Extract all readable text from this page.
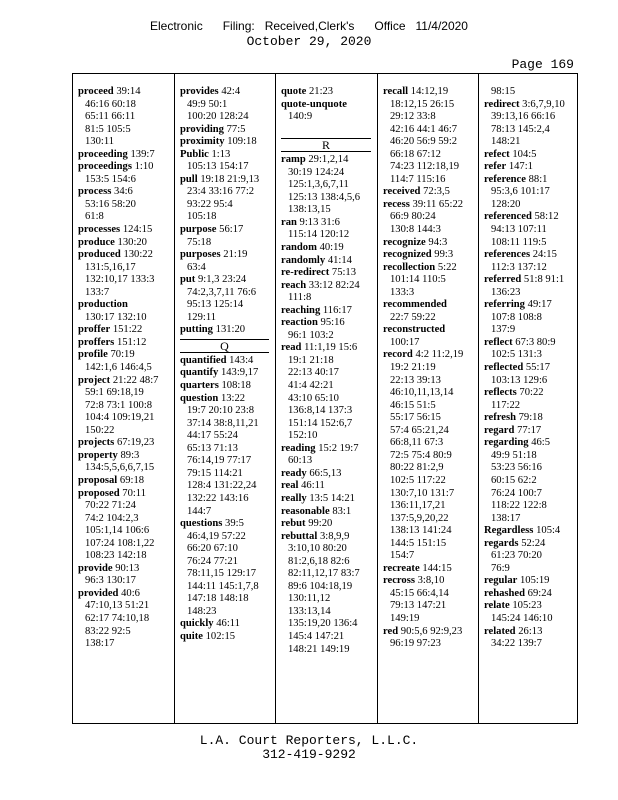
Electronic      Filing:   Received,Clerk's      Office   11/4/2020
October 29, 2020
Page 169
proceed 39:14
46:16 60:18
65:11 66:11
81:5 105:5
130:11
proceeding 139:7
proceedings 1:10
153:5 154:6
process 34:6
53:16 58:20
61:8
processes 124:15
produce 130:20
produced 130:22
131:5,16,17
132:10,17 133:3
133:7
production
130:17 132:10
proffer 151:22
proffers 151:12
profile 70:19
142:1,6 146:4,5
project 21:22 48:7
59:1 69:18,19
72:8 73:1 100:8
104:4 109:19,21
150:22
projects 67:19,23
property 89:3
134:5,5,6,6,7,15
proposal 69:18
proposed 70:11
70:22 71:24
74:2 104:2,3
105:1,14 106:6
107:24 108:1,22
108:23 142:18
provide 90:13
96:3 130:17
provided 40:6
47:10,13 51:21
62:17 74:10,18
83:22 92:5
138:17
provides 42:4
49:9 50:1
100:20 128:24
providing 77:5
proximity 109:18
Public 1:13
105:13 154:17
pull 19:18 21:9,13
23:4 33:16 77:2
93:22 95:4
105:18
purpose 56:17
75:18
purposes 21:19
63:4
put 9:1,3 23:24
74:2,3,7,11 76:6
95:13 125:14
129:11
putting 131:20
Q
quantified 143:4
quantify 143:9,17
quarters 108:18
question 13:22
19:7 20:10 23:8
37:14 38:8,11,21
44:17 55:24
65:13 71:13
76:14,19 77:17
79:15 114:21
128:4 131:22,24
132:22 143:16
144:7
questions 39:5
46:4,19 57:22
66:20 67:10
76:24 77:21
78:11,15 129:17
144:11 145:1,7,8
147:18 148:18
148:23
quickly 46:11
quite 102:15
quote 21:23
quote-unquote
140:9
R
ramp 29:1,2,14
30:19 124:24
125:1,3,6,7,11
125:13 138:4,5,6
138:13,15
ran 9:13 31:6
115:14 120:12
random 40:19
randomly 41:14
re-redirect 75:13
reach 33:12 82:24
111:8
reaching 116:17
reaction 95:16
96:1 103:2
read 11:1,19 15:6
19:1 21:18
22:13 40:17
41:4 42:21
43:10 65:10
136:8,14 137:3
151:14 152:6,7
152:10
reading 15:2 19:7
60:13
ready 66:5,13
real 46:11
really 13:5 14:21
reasonable 83:1
rebut 99:20
rebuttal 3:8,9,9
3:10,10 80:20
81:2,6,18 82:6
82:11,12,17 83:7
89:6 104:18,19
130:11,12
133:13,14
135:19,20 136:4
145:4 147:21
148:21 149:19
recall 14:12,19
18:12,15 26:15
29:12 33:8
42:16 44:1 46:7
46:20 56:9 59:2
66:18 67:12
74:23 112:18,19
114:7 115:16
received 72:3,5
recess 39:11 65:22
66:9 80:24
130:8 144:3
recognize 94:3
recognized 99:3
recollection 5:22
101:14 110:5
133:3
recommended
22:7 59:22
reconstructed
100:17
record 4:2 11:2,19
19:2 21:19
22:13 39:13
46:10,11,13,14
46:15 51:5
55:17 56:15
57:4 65:21,24
66:8,11 67:3
72:5 75:4 80:9
80:22 81:2,9
102:5 117:22
130:7,10 131:7
136:11,17,21
137:5,9,20,22
138:13 141:24
144:5 151:15
154:7
recreate 144:15
recross 3:8,10
45:15 66:4,14
79:13 147:21
149:19
red 90:5,6 92:9,23
96:19 97:23
98:15
redirect 3:6,7,9,10
39:13,16 66:16
78:13 145:2,4
148:21
refect 104:5
refer 147:1
reference 88:1
95:3,6 101:17
128:20
referenced 58:12
94:13 107:11
108:11 119:5
references 24:15
112:3 137:12
referred 51:8 91:1
136:23
referring 49:17
107:8 108:8
137:9
reflect 67:3 80:9
102:5 131:3
reflected 55:17
103:13 129:6
reflects 70:22
117:22
refresh 79:18
regard 77:17
regarding 46:5
49:9 51:18
53:23 56:16
60:15 62:2
76:24 100:7
118:22 122:8
138:17
Regardless 105:4
regards 52:24
61:23 70:20
76:9
regular 105:19
rehashed 69:24
relate 105:23
145:24 146:10
related 26:13
34:22 139:7
L.A. Court Reporters, L.L.C.
312-419-9292
